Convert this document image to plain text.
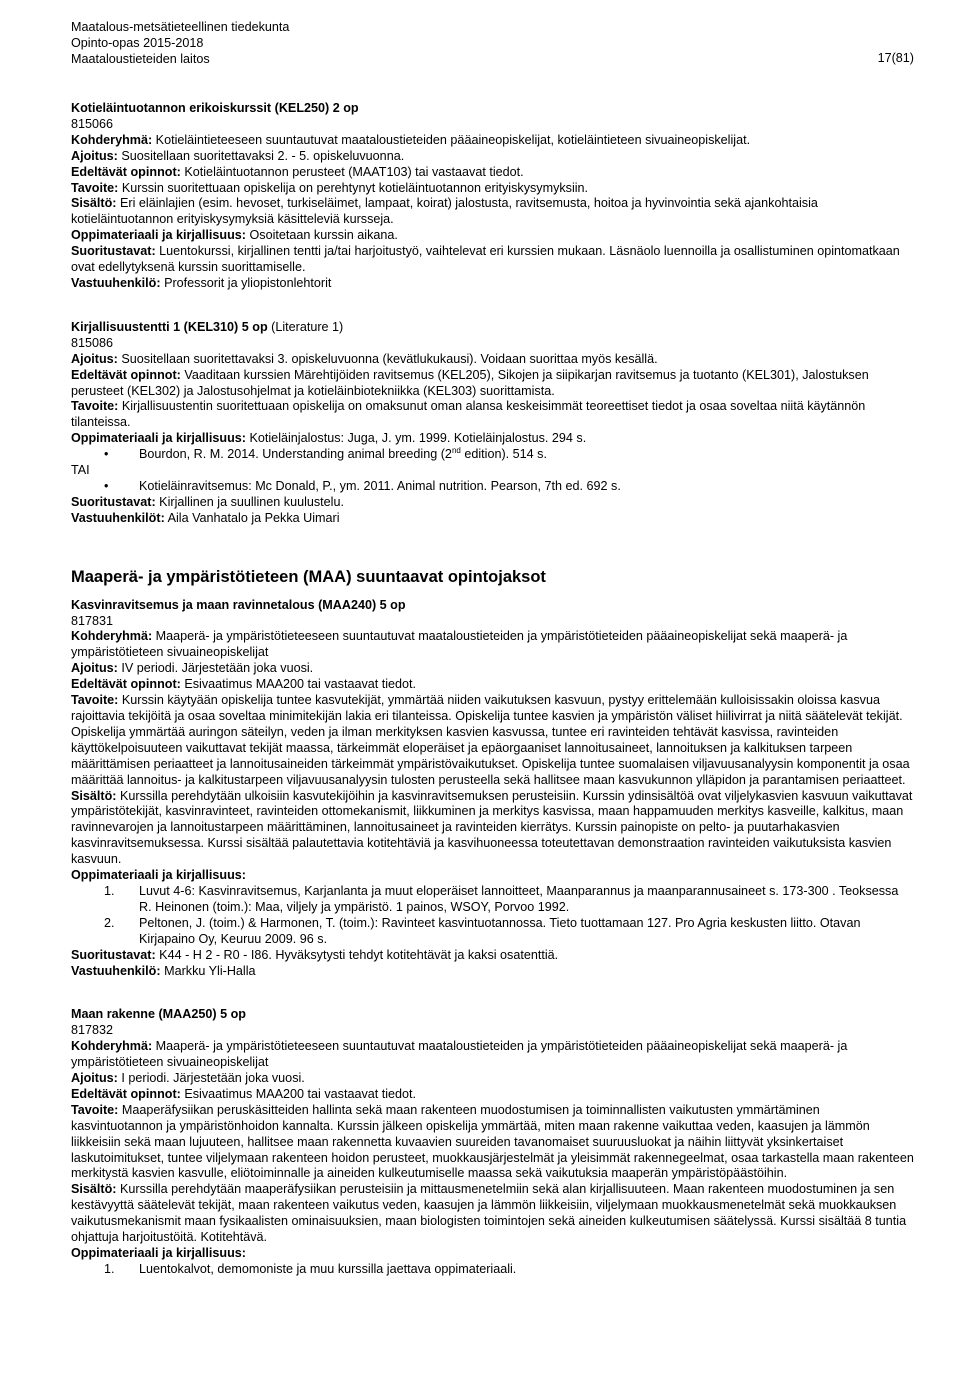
Maatalous-metsätieteellinen tiedekunta
Opinto-opas 2015-2018
Maataloustieteiden laitos	17(81)

Kotieläintuotannon erikoiskurssit (KEL250) 2 op

815066

Kohderyhmä: Kotieläintieteeseen suuntautuvat maataloustieteiden pääaineopiskelijat, kotieläintieteen sivuaineopiskelijat.

Ajoitus: Suositellaan suoritettavaksi 2. - 5. opiskeluvuonna.

Edeltävät opinnot: Kotieläintuotannon perusteet (MAAT103) tai vastaavat tiedot.

Tavoite: Kurssin suoritettuaan opiskelija on perehtynyt kotieläintuotannon erityiskysymyksiin.

Sisältö: Eri eläinlajien (esim. hevoset, turkiseläimet, lampaat, koirat) jalostusta, ravitsemusta, hoitoa ja hyvinvointia sekä ajankohtaisia kotieläintuotannon erityiskysymyksiä käsitteleviä kursseja.

Oppimateriaali ja kirjallisuus: Osoitetaan kurssin aikana.

Suoritustavat: Luentokurssi, kirjallinen tentti ja/tai harjoitustyö, vaihtelevat eri kurssien mukaan. Läsnäolo luennoilla ja osallistuminen opintomatkaan ovat edellytyksenä kurssin suorittamiselle.

Vastuuhenkilö: Professorit ja yliopistonlehtorit

Kirjallisuustentti 1 (KEL310) 5 op (Literature 1)

815086

Ajoitus: Suositellaan suoritettavaksi 3. opiskeluvuonna (kevätlukukausi). Voidaan suorittaa myös kesällä.

Edeltävät opinnot: Vaaditaan kurssien Märehtijöiden ravitsemus (KEL205), Sikojen ja siipikarjan ravitsemus ja tuotanto (KEL301), Jalostuksen perusteet (KEL302) ja Jalostusohjelmat ja kotieläinbiotekniikka (KEL303) suorittamista.

Tavoite: Kirjallisuustentin suoritettuaan opiskelija on omaksunut oman alansa keskeisimmät teoreettiset tiedot ja osaa soveltaa niitä käytännön tilanteissa.

Oppimateriaali ja kirjallisuus: Kotieläinjalostus: Juga, J. ym. 1999. Kotieläinjalostus. 294 s.

• Bourdon, R. M. 2014. Understanding animal breeding (2nd edition). 514 s.

TAI

• Kotieläinravitsemus: Mc Donald, P., ym. 2011. Animal nutrition. Pearson, 7th ed. 692 s.

Suoritustavat: Kirjallinen ja suullinen kuulustelu.

Vastuuhenkilöt: Aila Vanhatalo ja Pekka Uimari

Maaperä- ja ympäristötieteen (MAA) suuntaavat opintojaksot

Kasvinravitsemus ja maan ravinnetalous (MAA240) 5 op

817831

Kohderyhmä: Maaperä- ja ympäristötieteeseen suuntautuvat maataloustieteiden ja ympäristötieteiden pääaineopiskelijat sekä maaperä- ja ympäristötieteen sivuaineopiskelijat

Ajoitus: IV periodi. Järjestetään joka vuosi.

Edeltävät opinnot: Esivaatimus MAA200 tai vastaavat tiedot.

Tavoite: Kurssin käytyään opiskelija tuntee kasvutekijät, ymmärtää niiden vaikutuksen kasvuun, pystyy erittelemään kulloisissakin oloissa kasvua rajoittavia tekijöitä ja osaa soveltaa minimitekijän lakia eri tilanteissa. Opiskelija tuntee kasvien ja ympäristön väliset hiilivirrat ja niitä säätelevät tekijät. Opiskelija ymmärtää auringon säteilyn, veden ja ilman merkityksen kasvien kasvussa, tuntee eri ravinteiden tehtävät kasvissa, ravinteiden käyttökelpoisuuteen vaikuttavat tekijät maassa, tärkeimmät eloperäiset ja epäorgaaniset lannoitusaineet, lannoituksen ja kalkituksen tarpeen määrittämisen periaatteet ja lannoitusaineiden tärkeimmät ympäristövaikutukset. Opiskelija tuntee suomalaisen viljavuusanalyysin komponentit ja osaa määrittää lannoitus- ja kalkitustarpeen viljavuusanalyysin tulosten perusteella sekä hallitsee maan kasvukunnon ylläpidon ja parantamisen periaatteet.

Sisältö: Kurssilla perehdytään ulkoisiin kasvutekijöihin ja kasvinravitsemuksen perusteisiin. Kurssin ydinsisältöä ovat viljelykasvien kasvuun vaikuttavat ympäristötekijät, kasvinravinteet, ravinteiden ottomekanismit, liikkuminen ja merkitys kasvissa, maan happamuuden merkitys kasveille, kalkitus, maan ravinnevarojen ja lannoitustarpeen määrittäminen, lannoitusaineet ja ravinteiden kierrätys. Kurssin painopiste on pelto- ja puutarhakasvien kasvinravitsemuksessa. Kurssi sisältää palautettavia kotitehtäviä ja kasvihuoneessa toteutettavan demonstraation ravinteiden vaikutuksista kasvien kasvuun.

Oppimateriaali ja kirjallisuus:

1. Luvut 4-6: Kasvinravitsemus, Karjanlanta ja muut eloperäiset lannoitteet, Maanparannus ja maanparannusaineet s. 173-300 . Teoksessa R. Heinonen (toim.): Maa, viljely ja ympäristö. 1 painos, WSOY, Porvoo 1992.
2. Peltonen, J. (toim.) & Harmonen, T. (toim.): Ravinteet kasvintuotannossa. Tieto tuottamaan 127. Pro Agria keskusten liitto. Otavan Kirjapaino Oy, Keuruu 2009. 96 s.

Suoritustavat: K44 - H 2 - R0 - I86. Hyväksytysti tehdyt kotitehtävät ja kaksi osatenttiä.

Vastuuhenkilö: Markku Yli-Halla

Maan rakenne (MAA250) 5 op

817832

Kohderyhmä: Maaperä- ja ympäristötieteeseen suuntautuvat maataloustieteiden ja ympäristötieteiden pääaineopiskelijat sekä maaperä- ja ympäristötieteen sivuaineopiskelijat

Ajoitus: I periodi. Järjestetään joka vuosi.

Edeltävät opinnot: Esivaatimus MAA200 tai vastaavat tiedot.

Tavoite: Maaperäfysiikan peruskäsitteiden hallinta sekä maan rakenteen muodostumisen ja toiminnallisten vaikutusten ymmärtäminen kasvintuotannon ja ympäristönhoidon kannalta. Kurssin jälkeen opiskelija ymmärtää, miten maan rakenne vaikuttaa veden, kaasujen ja lämmön liikkeisiin sekä maan lujuuteen, hallitsee maan rakennetta kuvaavien suureiden tavanomaiset suuruusluokat ja näihin liittyvät yksinkertaiset laskutoimitukset, tuntee viljelymaan rakenteen hoidon perusteet, muokkausjärjestelmät ja yleisimmät rakennegeelmat, osaa tarkastella maan rakenteen merkitystä kasvien kasvulle, eliötoiminnalle ja aineiden kulkeutumiselle maassa sekä vaikutuksia maaperän ympäristöpäästöihin.

Sisältö: Kurssilla perehdytään maaperäfysiikan perusteisiin ja mittausmenetelmiin sekä alan kirjallisuuteen. Maan rakenteen muodostuminen ja sen kestävyyttä säätelevät tekijät, maan rakenteen vaikutus veden, kaasujen ja lämmön liikkeisiin, viljelymaan muokkausmenetelmät sekä muokkauksen vaikutusmekanismit maan fysikaalisten ominaisuuksien, maan biologisten toimintojen sekä aineiden kulkeutumisen säätelyssä. Kurssi sisältää 8 tuntia ohjattuja harjoitustöitä. Kotitehtävä.

Oppimateriaali ja kirjallisuus:

1. Luentokalvot, demomoniste ja muu kurssilla jaettava oppimateriaali.
